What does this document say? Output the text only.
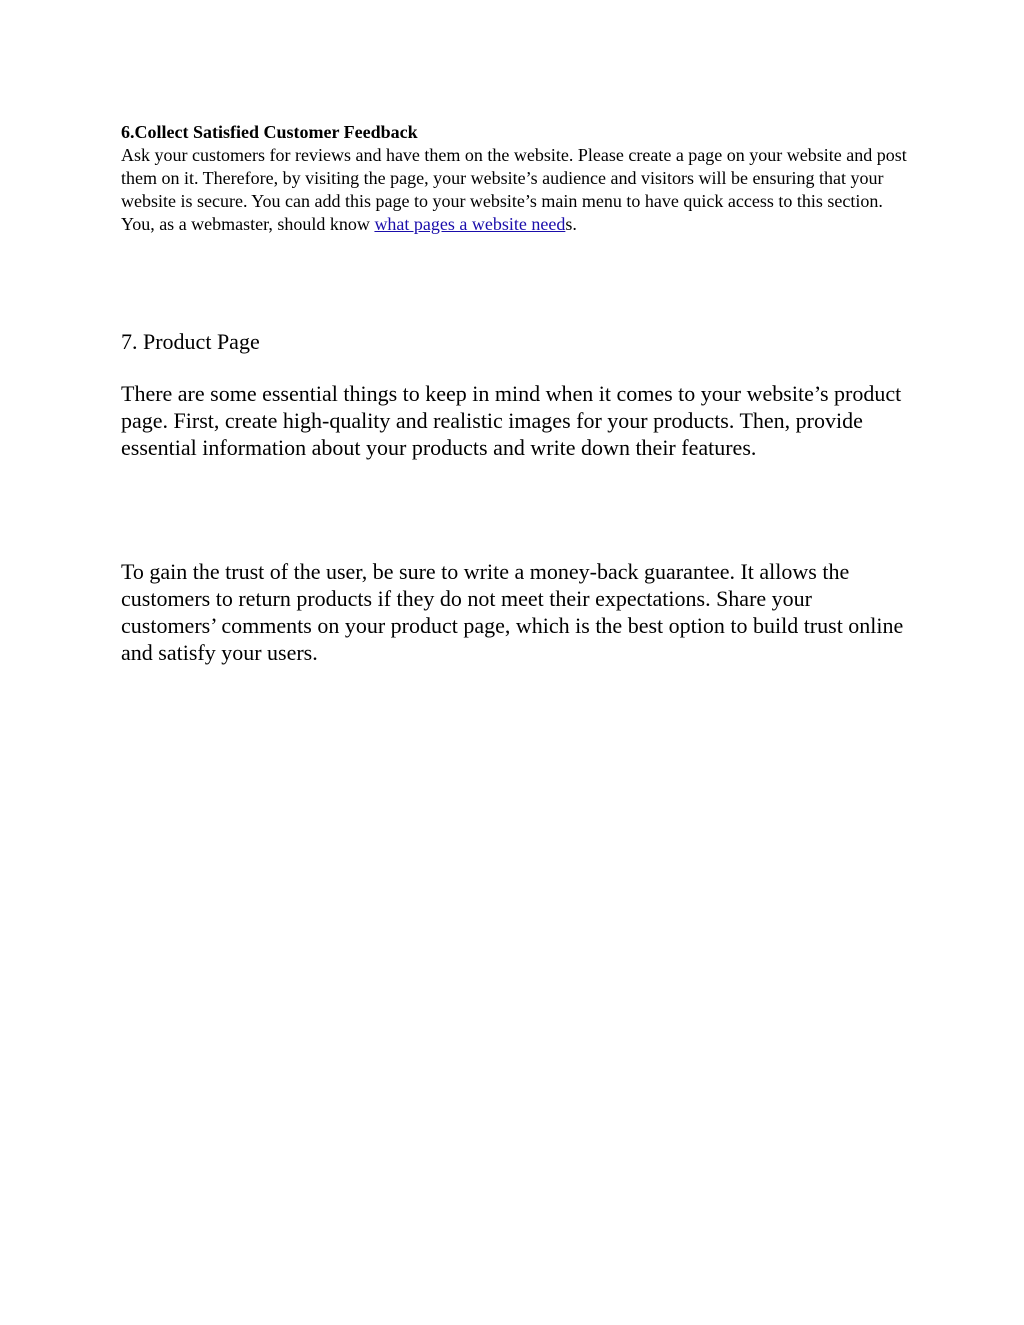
6.Collect Satisfied Customer Feedback

Ask your customers for reviews and have them on the website. Please create a page on your website and post them on it. Therefore, by visiting the page, your website’s audience and visitors will be ensuring that your website is secure. You can add this page to your website’s main menu to have quick access to this section. You, as a webmaster, should know what pages a website needs.

7. Product Page

There are some essential things to keep in mind when it comes to your website’s product page. First, create high-quality and realistic images for your products. Then, provide essential information about your products and write down their features.

To gain the trust of the user, be sure to write a money-back guarantee. It allows the customers to return products if they do not meet their expectations. Share your customers’ comments on your product page, which is the best option to build trust online and satisfy your users.
